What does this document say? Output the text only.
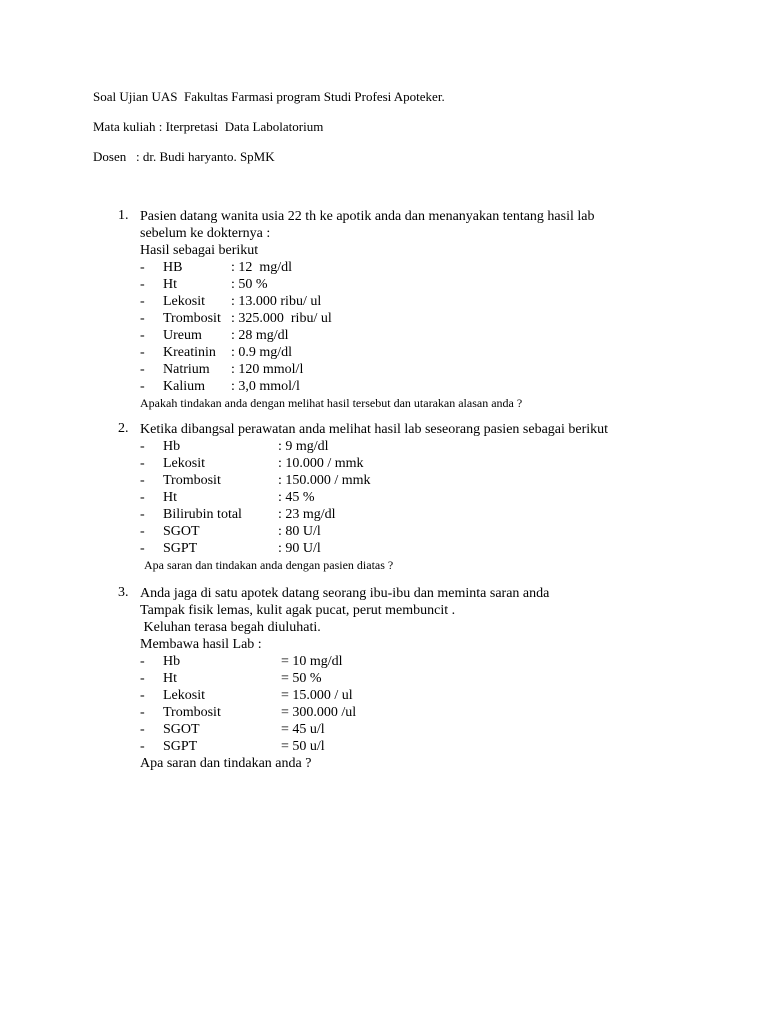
Soal Ujian UAS  Fakultas Farmasi program Studi Profesi Apoteker.
Mata kuliah : Iterpretasi  Data Labolatorium
Dosen   : dr. Budi haryanto. SpMK
1. Pasien datang wanita usia 22 th ke apotik anda dan menanyakan tentang hasil lab
sebelum ke dokternya :
Hasil sebagai berikut
- HB	: 12  mg/dl
- Ht	: 50 %
- Lekosit : 13.000 ribu/ ul
- Trombosit : 325.000  ribu/ ul
- Ureum : 28 mg/dl
- Kreatinin : 0.9 mg/dl
- Natrium : 120 mmol/l
- Kalium : 3,0 mmol/l
Apakah tindakan anda dengan melihat hasil tersebut dan utarakan alasan anda ?
2. Ketika dibangsal perawatan anda melihat hasil lab seseorang pasien sebagai berikut
- Hb	: 9 mg/dl
- Lekosit	: 10.000 / mmk
- Trombosit	: 150.000 / mmk
- Ht	: 45 %
- Bilirubin total	: 23 mg/dl
- SGOT	: 80 U/l
- SGPT	: 90 U/l
Apa saran dan tindakan anda dengan pasien diatas ?
3. Anda jaga di satu apotek datang seorang ibu-ibu dan meminta saran anda
Tampak fisik lemas, kulit agak pucat, perut membuncit .
Keluhan terasa begah diuluhati.
Membawa hasil Lab :
- Hb	= 10 mg/dl
- Ht	= 50 %
- Lekosit	= 15.000 / ul
- Trombosit	= 300.000 /ul
- SGOT	= 45 u/l
- SGPT	= 50 u/l
Apa saran dan tindakan anda ?
